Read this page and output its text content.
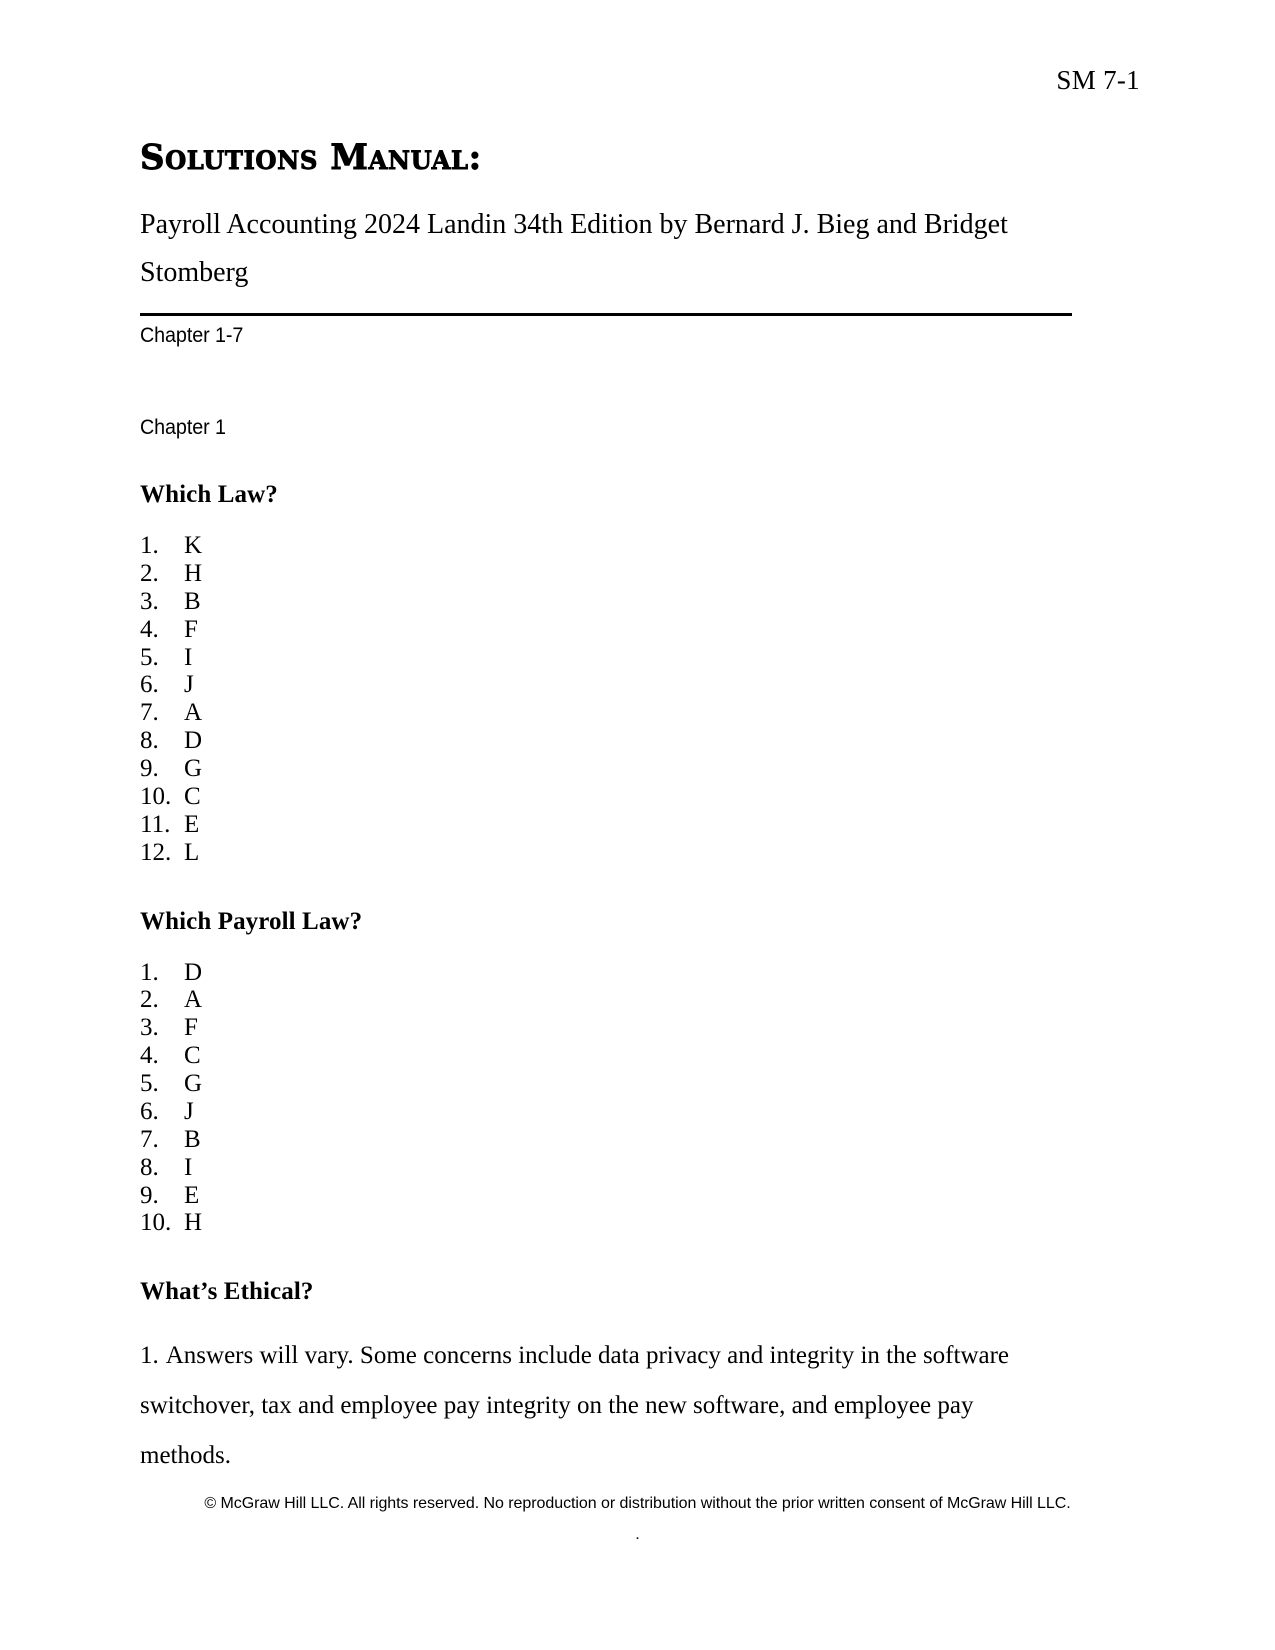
SM 7-1
Solutions Manual:

Payroll Accounting 2024 Landin 34th Edition by Bernard J. Bieg and Bridget Stomberg

Chapter 1-7

Chapter 1

Which Law?
1.	K
2.	H
3.	B
4.	F
5.	I
6.	J
7.	A
8.	D
9.	G
10. C
11. E
12. L
Which Payroll Law?
1.	D
2.	A
3.	F
4.	C
5.	G
6.	J
7.	B
8.	I
9.	E
10. H
What’s Ethical?

1. Answers will vary. Some concerns include data privacy and integrity in the software switchover, tax and employee pay integrity on the new software, and employee pay methods.

© McGraw Hill LLC. All rights reserved. No reproduction or distribution without the prior written consent of McGraw Hill LLC.
.
